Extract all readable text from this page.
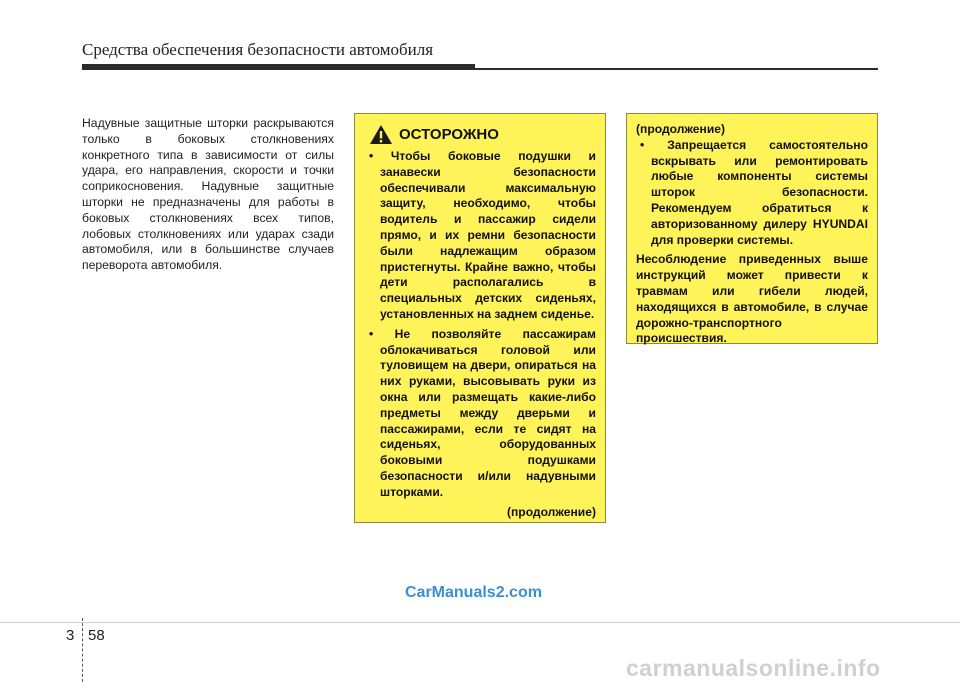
Средства обеспечения безопасности автомобиля
Надувные защитные шторки раскрываются только в боковых столкновениях конкретного типа в зависимости от силы удара, его направления, скорости и точки соприкосновения. Надувные защитные шторки не предназначены для работы в боковых столкновениях всех типов, лобовых столкновениях или ударах сзади автомобиля, или в большинстве случаев переворота автомобиля.
ОСТОРОЖНО
• Чтобы боковые подушки и занавески безопасности обеспечивали максимальную защиту, необходимо, чтобы водитель и пассажир сидели прямо, и их ремни безопасности были надлежащим образом пристегнуты. Крайне важно, чтобы дети располагались в специальных детских сиденьях, установленных на заднем сиденье.
• Не позволяйте пассажирам облокачиваться головой или туловищем на двери, опираться на них руками, высовывать руки из окна или размещать какие-либо предметы между дверьми и пассажирами, если те сидят на сиденьях, оборудованных боковыми подушками безопасности и/или надувными шторками.
(продолжение)
(продолжение)
• Запрещается самостоятельно вскрывать или ремонтировать любые компоненты системы шторок безопасности. Рекомендуем обратиться к авторизованному дилеру HYUNDAI для проверки системы.
Несоблюдение приведенных выше инструкций может привести к травмам или гибели людей, находящихся в автомобиле, в случае дорожно-транспортного происшествия.
CarManuals2.com
3 58
carmanualsonline.info
